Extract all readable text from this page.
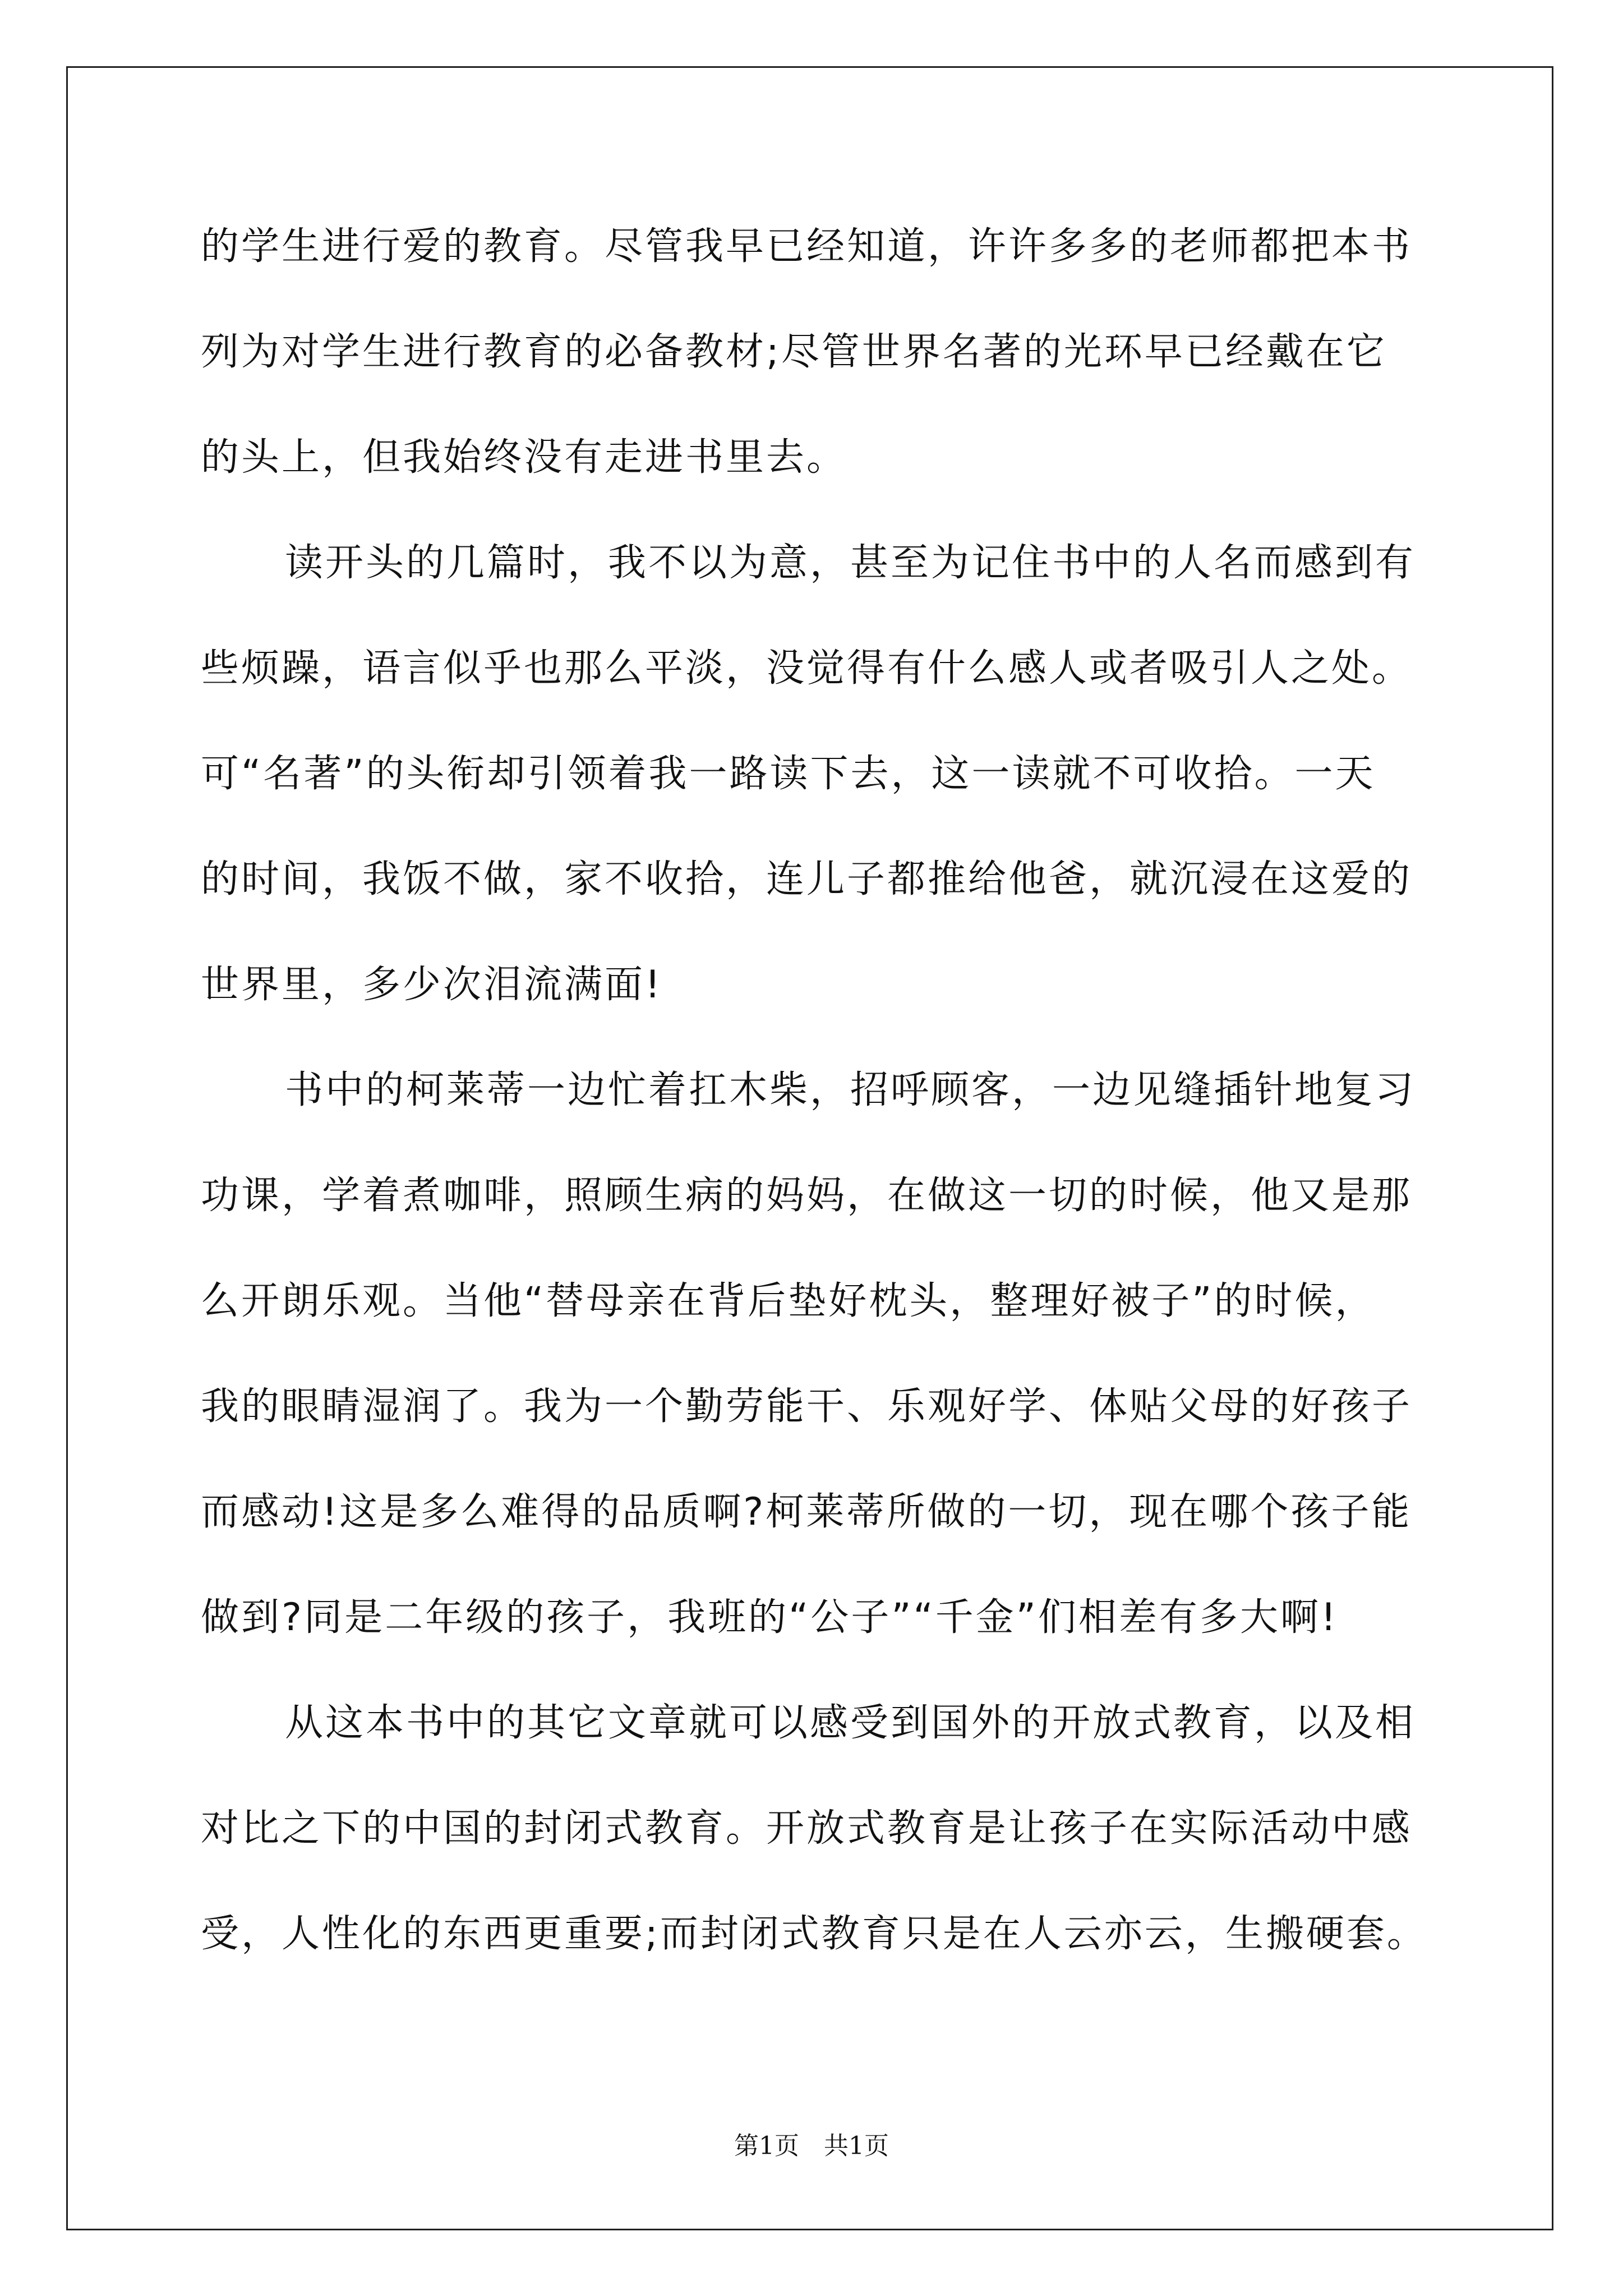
的学生进行爱的教育。尽管我早已经知道，许许多多的老师都把本书
列为对学生进行教育的必备教材;尽管世界名著的光环早已经戴在它
的头上，但我始终没有走进书里去。
读开头的几篇时，我不以为意，甚至为记住书中的人名而感到有
些烦躁，语言似乎也那么平淡，没觉得有什么感人或者吸引人之处。
可“名著”的头衔却引领着我一路读下去，这一读就不可收拾。一天
的时间，我饭不做，家不收拾，连儿子都推给他爸，就沉浸在这爱的
世界里，多少次泪流满面!
书中的柯莱蒂一边忙着扛木柴，招呼顾客，一边见缝插针地复习
功课，学着煮咖啡，照顾生病的妈妈，在做这一切的时候，他又是那
么开朗乐观。当他“替母亲在背后垫好枕头，整理好被子”的时候，
我的眼睛湿润了。我为一个勤劳能干、乐观好学、体贴父母的好孩子
而感动!这是多么难得的品质啊?柯莱蒂所做的一切，现在哪个孩子能
做到?同是二年级的孩子，我班的“公子”“千金”们相差有多大啊!
从这本书中的其它文章就可以感受到国外的开放式教育，以及相
对比之下的中国的封闭式教育。开放式教育是让孩子在实际活动中感
受，人性化的东西更重要;而封闭式教育只是在人云亦云，生搬硬套。
第1页　共1页
